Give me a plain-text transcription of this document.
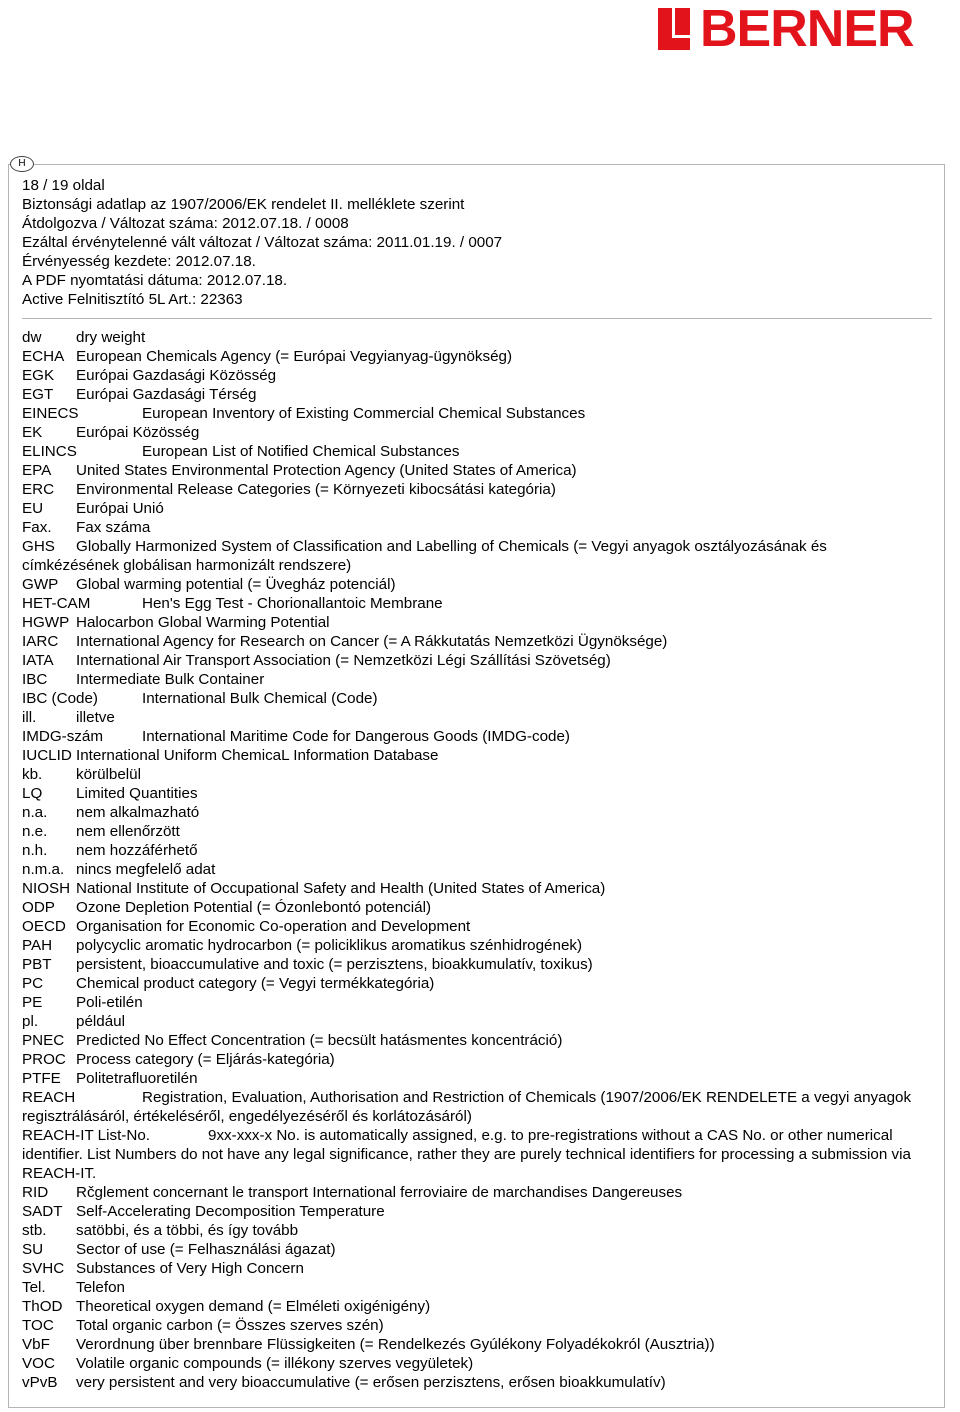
BERNER
H
18 / 19 oldal
Biztonsági adatlap az 1907/2006/EK rendelet II. melléklete szerint
Átdolgozva / Változat száma: 2012.07.18. / 0008
Ezáltal érvénytelenné vált változat / Változat száma: 2011.01.19. / 0007
Érvényesség kezdete: 2012.07.18.
A PDF nyomtatási dátuma: 2012.07.18.
Active Felnitisztító 5L Art.: 22363
dw dry weight
ECHA European Chemicals Agency (= Európai Vegyianyag-ügynökség)
EGK Európai Gazdasági Közösség
EGT Európai Gazdasági Térség
EINECS	European Inventory of Existing Commercial Chemical Substances
EK Európai Közösség
ELINCS	European List of Notified Chemical Substances
EPA United States Environmental Protection Agency (United States of America)
ERC Environmental Release Categories (= Környezeti kibocsátási kategória)
EU Európai Unió
Fax. Fax száma
GHS Globally Harmonized System of Classification and Labelling of Chemicals (= Vegyi anyagok osztályozásának és címkézésének globálisan harmonizált rendszere)
GWP Global warming potential (= Üvegház potenciál)
HET-CAM	Hen's Egg Test - Chorionallantoic Membrane
HGWP Halocarbon Global Warming Potential
IARC International Agency for Research on Cancer (= A Rákkutatás Nemzetközi Ügynöksége)
IATA International Air Transport Association (= Nemzetközi Légi Szállítási Szövetség)
IBC Intermediate Bulk Container
IBC (Code)	International Bulk Chemical (Code)
ill.	illetve
IMDG-szám	International Maritime Code for Dangerous Goods (IMDG-code)
IUCLID International Uniform ChemicaL Information Database
kb. körülbelül
LQ Limited Quantities
n.a. nem alkalmazható
n.e. nem ellenőrzött
n.h. nem hozzáférhető
n.m.a. nincs megfelelő adat
NIOSH National Institute of Occupational Safety and Health (United States of America)
ODP Ozone Depletion Potential (= Ózonlebontó potenciál)
OECD Organisation for Economic Co-operation and Development
PAH polycyclic aromatic hydrocarbon (= policiklikus aromatikus szénhidrogének)
PBT persistent, bioaccumulative and toxic (= perzisztens, bioakkumulatív, toxikus)
PC Chemical product category (= Vegyi termékkategória)
PE Poli-etilén
pl. például
PNEC Predicted No Effect Concentration (= becsült hatásmentes koncentráció)
PROC Process category (= Eljárás-kategória)
PTFE Politetrafluoretilén
REACH	Registration, Evaluation, Authorisation and Restriction of Chemicals (1907/2006/EK RENDELETE a vegyi anyagok regisztrálásáról, értékeléséről, engedélyezéséről és korlátozásáról)
REACH-IT List-No.	9xx-xxx-x No. is automatically assigned, e.g. to pre-registrations without a CAS No. or other numerical identifier. List Numbers do not have any legal significance, rather they are purely technical identifiers for processing a submission via REACH-IT.
RID Rčglement concernant le transport International ferroviaire de marchandises Dangereuses
SADT Self-Accelerating Decomposition Temperature
stb. satöbbi, és a többi, és így tovább
SU Sector of use (= Felhasználási ágazat)
SVHC Substances of Very High Concern
Tel. Telefon
ThOD Theoretical oxygen demand (= Elméleti oxigénigény)
TOC Total organic carbon (= Összes szerves szén)
VbF Verordnung über brennbare Flüssigkeiten (= Rendelkezés Gyúlékony Folyadékokról (Ausztria))
VOC Volatile organic compounds (= illékony szerves vegyületek)
vPvB very persistent and very bioaccumulative (= erősen perzisztens, erősen bioakkumulatív)
